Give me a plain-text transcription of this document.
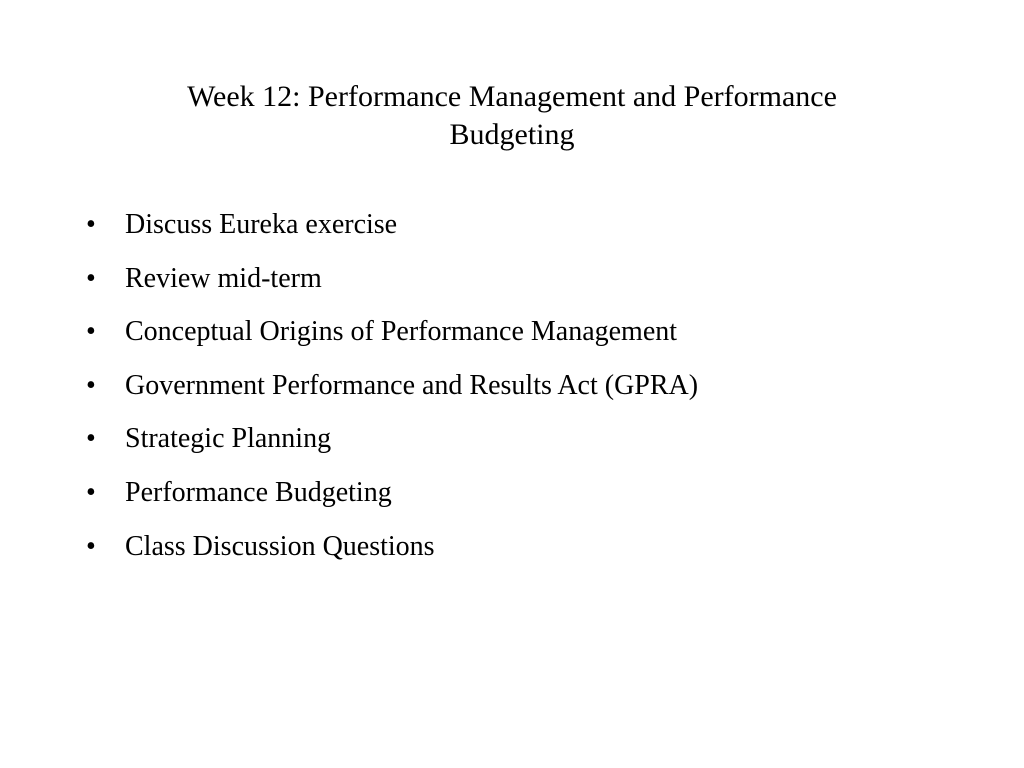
Week 12: Performance Management and Performance
Budgeting
•	Discuss Eureka exercise
•	Review mid-term
•	Conceptual Origins of Performance Management
•	Government Performance and Results Act (GPRA)
•	Strategic Planning
•	Performance Budgeting
•	Class Discussion Questions
